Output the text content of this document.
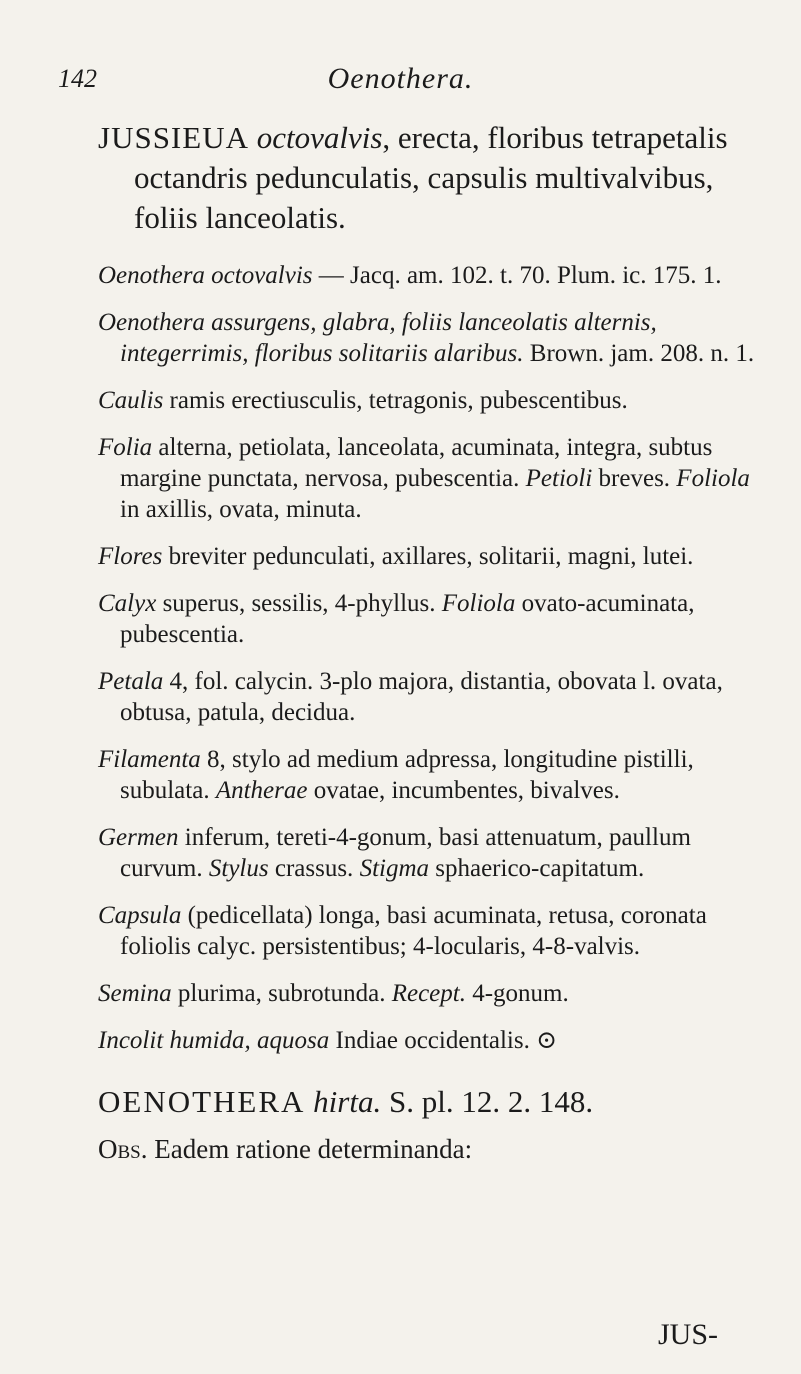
142	Oenothera.

JUSSIEUA octovalvis, erecta, floribus tetrapetalis octandris pedunculatis, capsulis multivalvibus, foliis lanceolatis.

Oenothera octovalvis — Jacq. am. 102. t. 70. Plum. ic. 175. 1.

Oenothera assurgens, glabra, foliis lanceolatis alternis, integerrimis, floribus solitariis alaribus. Brown. jam. 208. n. 1.

Caulis ramis erectiusculis, tetragonis, pubescentibus.

Folia alterna, petiolata, lanceolata, acuminata, integra, subtus margine punctata, nervosa, pubescentia. Petioli breves. Foliola in axillis, ovata, minuta.

Flores breviter pedunculati, axillares, solitarii, magni, lutei.

Calyx superus, sessilis, 4-phyllus. Foliola ovato-acuminata, pubescentia.

Petala 4, fol. calycin. 3-plo majora, distantia, obovata l. ovata, obtusa, patula, decidua.

Filamenta 8, stylo ad medium adpressa, longitudine pistilli, subulata. Antherae ovatae, incumbentes, bivalves.

Germen inferum, tereti-4-gonum, basi attenuatum, paullum curvum. Stylus crassus. Stigma sphaerico-capitatum.

Capsula (pedicellata) longa, basi acuminata, retusa, coronata foliolis calyc. persistentibus; 4-locularis, 4-8-valvis.

Semina plurima, subrotunda. Recept. 4-gonum.

Incolit humida, aquosa Indiae occidentalis. ⊙

OENOTHERA hirta. S. pl. 12. 2. 148.

Obs. Eadem ratione determinanda:

JUS-
